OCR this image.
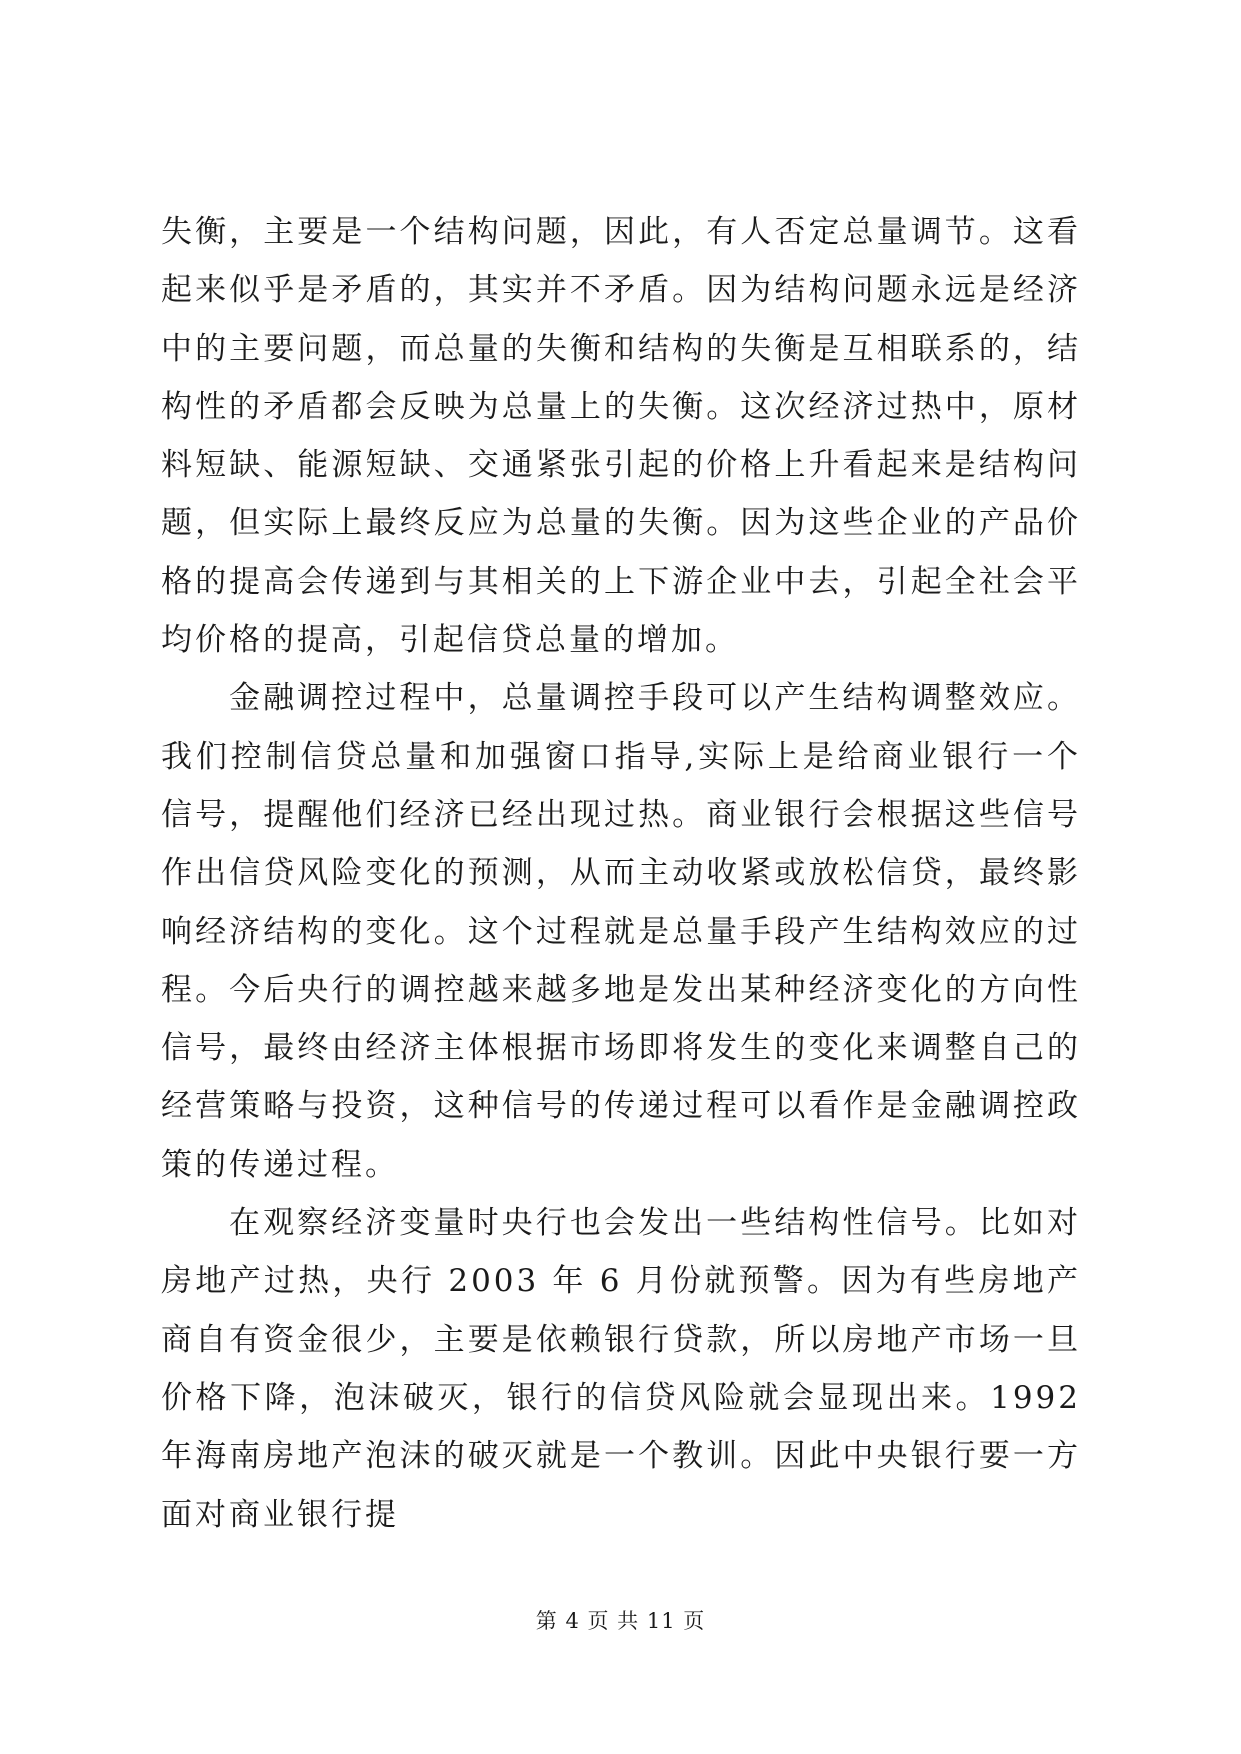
失衡，主要是一个结构问题，因此，有人否定总量调节。这看起来似乎是矛盾的，其实并不矛盾。因为结构问题永远是经济中的主要问题，而总量的失衡和结构的失衡是互相联系的，结构性的矛盾都会反映为总量上的失衡。这次经济过热中，原材料短缺、能源短缺、交通紧张引起的价格上升看起来是结构问题，但实际上最终反应为总量的失衡。因为这些企业的产品价格的提高会传递到与其相关的上下游企业中去，引起全社会平均价格的提高，引起信贷总量的增加。

金融调控过程中，总量调控手段可以产生结构调整效应。我们控制信贷总量和加强窗口指导,实际上是给商业银行一个信号，提醒他们经济已经出现过热。商业银行会根据这些信号作出信贷风险变化的预测，从而主动收紧或放松信贷，最终影响经济结构的变化。这个过程就是总量手段产生结构效应的过程。今后央行的调控越来越多地是发出某种经济变化的方向性信号，最终由经济主体根据市场即将发生的变化来调整自己的经营策略与投资，这种信号的传递过程可以看作是金融调控政策的传递过程。

在观察经济变量时央行也会发出一些结构性信号。比如对房地产过热，央行 2003 年 6 月份就预警。因为有些房地产商自有资金很少，主要是依赖银行贷款，所以房地产市场一旦价格下降，泡沫破灭，银行的信贷风险就会显现出来。1992 年海南房地产泡沫的破灭就是一个教训。因此中央银行要一方面对商业银行提

第 4 页 共 11 页
